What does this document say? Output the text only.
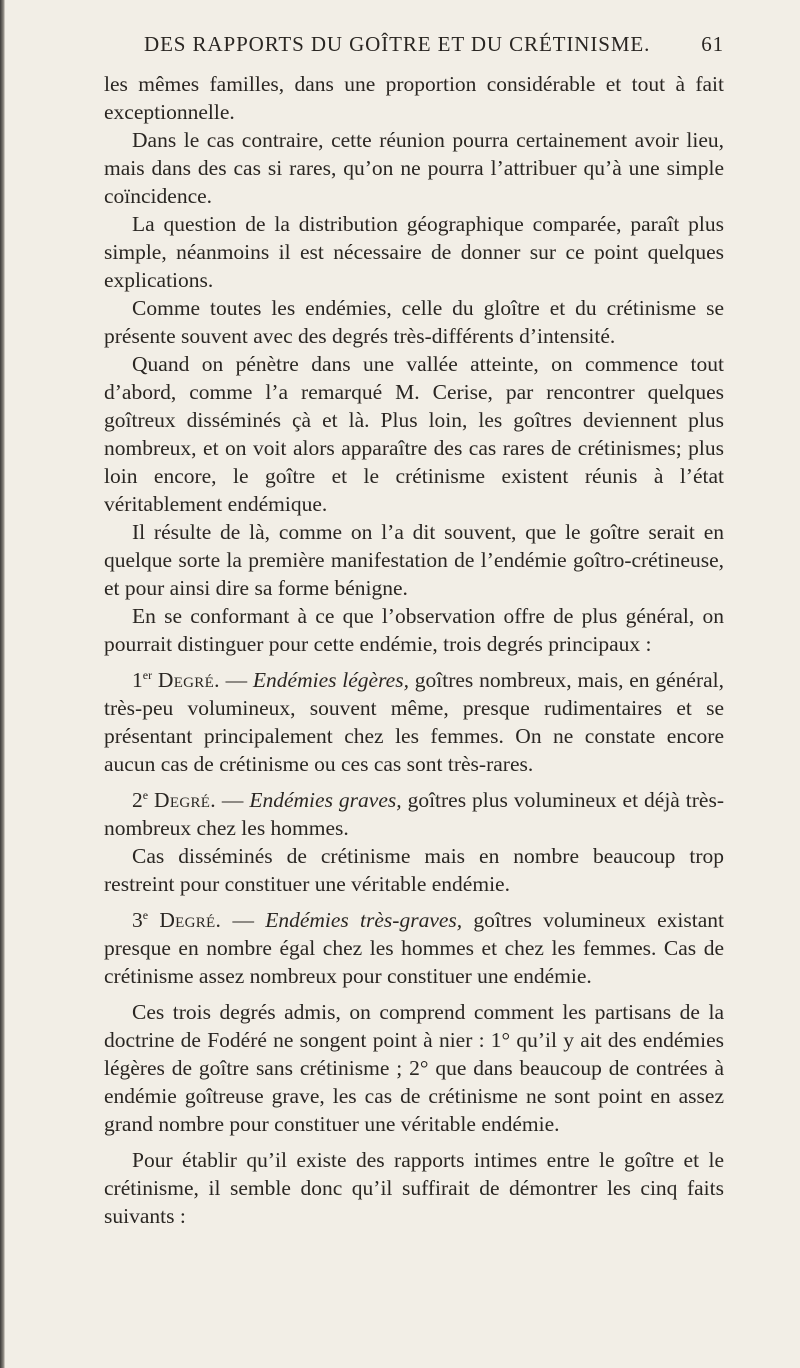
DES RAPPORTS DU GOÎTRE ET DU CRÉTINISME. 61

les mêmes familles, dans une proportion considérable et tout à fait exceptionnelle.

Dans le cas contraire, cette réunion pourra certainement avoir lieu, mais dans des cas si rares, qu’on ne pourra l’attribuer qu’à une simple coïncidence.

La question de la distribution géographique comparée, paraît plus simple, néanmoins il est nécessaire de donner sur ce point quelques explications.

Comme toutes les endémies, celle du gloître et du crétinisme se présente souvent avec des degrés très-différents d’intensité.

Quand on pénètre dans une vallée atteinte, on commence tout d’abord, comme l’a remarqué M. Cerise, par rencontrer quelques goîtreux disséminés çà et là. Plus loin, les goîtres deviennent plus nombreux, et on voit alors apparaître des cas rares de crétinismes; plus loin encore, le goître et le crétinisme existent réunis à l’état véritablement endémique.

Il résulte de là, comme on l’a dit souvent, que le goître serait en quelque sorte la première manifestation de l’endémie goîtro-crétineuse, et pour ainsi dire sa forme bénigne.

En se conformant à ce que l’observation offre de plus général, on pourrait distinguer pour cette endémie, trois degrés principaux :

1er Degré. — Endémies légères, goîtres nombreux, mais, en général, très-peu volumineux, souvent même, presque rudimentaires et se présentant principalement chez les femmes. On ne constate encore aucun cas de crétinisme ou ces cas sont très-rares.

2e Degré. — Endémies graves, goîtres plus volumineux et déjà très-nombreux chez les hommes.

Cas disséminés de crétinisme mais en nombre beaucoup trop restreint pour constituer une véritable endémie.

3e Degré. — Endémies très-graves, goîtres volumineux existant presque en nombre égal chez les hommes et chez les femmes. Cas de crétinisme assez nombreux pour constituer une endémie.

Ces trois degrés admis, on comprend comment les partisans de la doctrine de Fodéré ne songent point à nier : 1° qu’il y ait des endémies légères de goître sans crétinisme ; 2° que dans beaucoup de contrées à endémie goîtreuse grave, les cas de crétinisme ne sont point en assez grand nombre pour constituer une véritable endémie.

Pour établir qu’il existe des rapports intimes entre le goître et le crétinisme, il semble donc qu’il suffirait de démontrer les cinq faits suivants :
